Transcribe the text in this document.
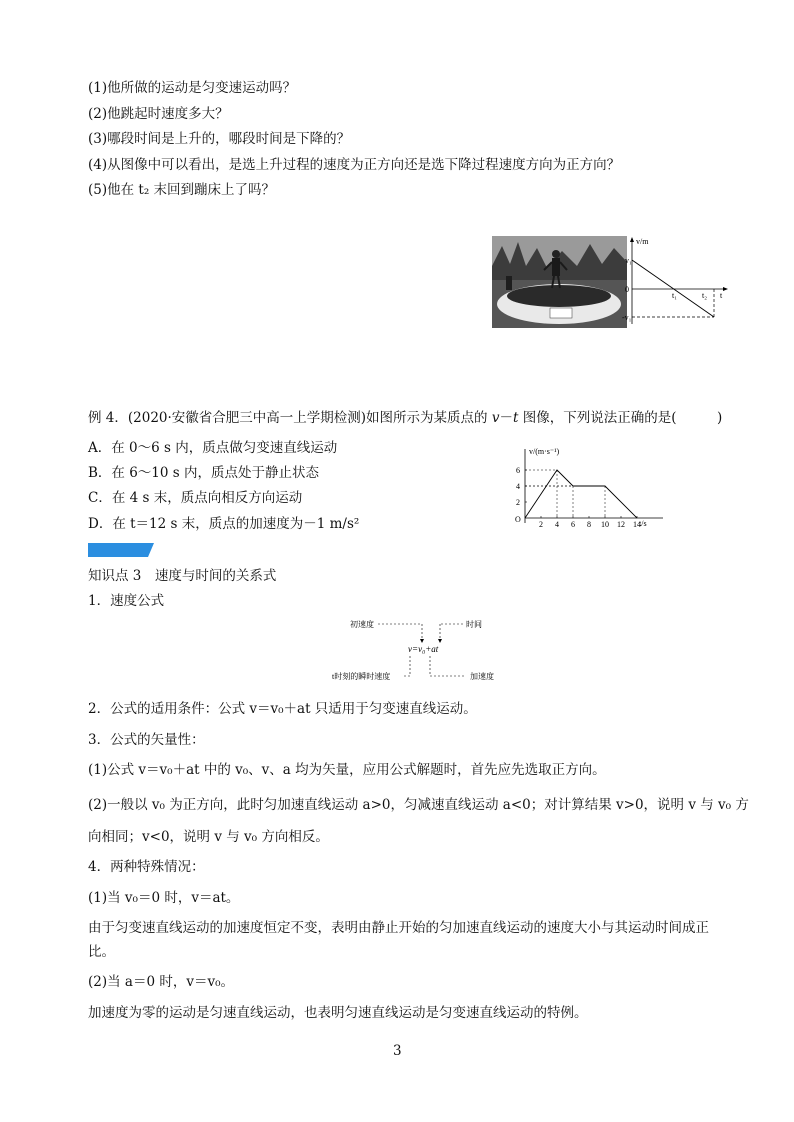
(1)他所做的运动是匀变速运动吗？
(2)他跳起时速度多大？
(3)哪段时间是上升的，哪段时间是下降的？
(4)从图像中可以看出，是选上升过程的速度为正方向还是选下降过程速度方向为正方向？
(5)他在 t₂ 末回到蹦床上了吗？
v/m
v₁
0
t₁	t₂ t
-v₁
例 4．(2020·安徽省合肥三中高一上学期检测)如图所示为某质点的 v－t 图像，下列说法正确的是(　　　)
A．在 0～6 s 内，质点做匀变速直线运动
B．在 6～10 s 内，质点处于静止状态
C．在 4 s 末，质点向相反方向运动
D．在 t＝12 s 末，质点的加速度为－1 m/s²
v/(m·s⁻¹)
t/s
O
2 4 6 8 10 12 14
2
4
6
知识点 3　速度与时间的关系式
1．速度公式
初速度	时间
v=v₀+at
t时刻的瞬时速度	加速度
2．公式的适用条件：公式 v＝v₀＋at 只适用于匀变速直线运动。
3．公式的矢量性：
(1)公式 v＝v₀＋at 中的 v₀、v、a 均为矢量，应用公式解题时，首先应先选取正方向。
(2)一般以 v₀ 为正方向，此时匀加速直线运动 a>0，匀减速直线运动 a<0；对计算结果 v>0，说明 v 与 v₀ 方
向相同；v<0，说明 v 与 v₀ 方向相反。
4．两种特殊情况：
(1)当 v₀＝0 时，v＝at。
由于匀变速直线运动的加速度恒定不变，表明由静止开始的匀加速直线运动的速度大小与其运动时间成正
比。
(2)当 a＝0 时，v＝v₀。
加速度为零的运动是匀速直线运动，也表明匀速直线运动是匀变速直线运动的特例。
3
